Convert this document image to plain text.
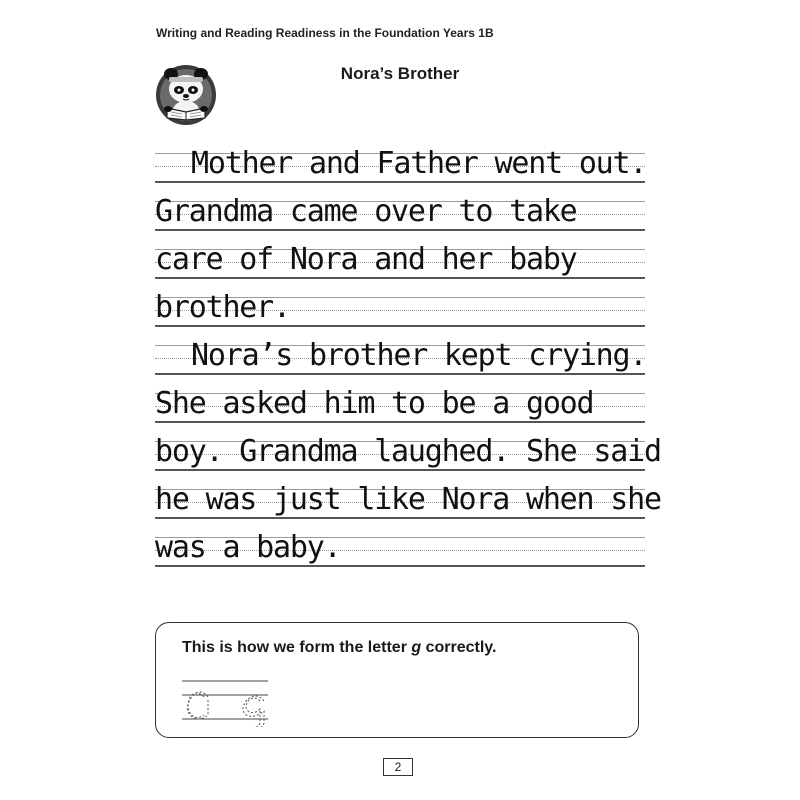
Writing and Reading Readiness in the Foundation Years 1B
Nora’s Brother
Mother and Father went out.
Grandma came over to take
care of Nora and her baby
brother.
Nora’s brother kept crying.
She asked him to be a good
boy. Grandma laughed. She said
he was just like Nora when she
was a baby.
This is how we form the letter g correctly.
2
